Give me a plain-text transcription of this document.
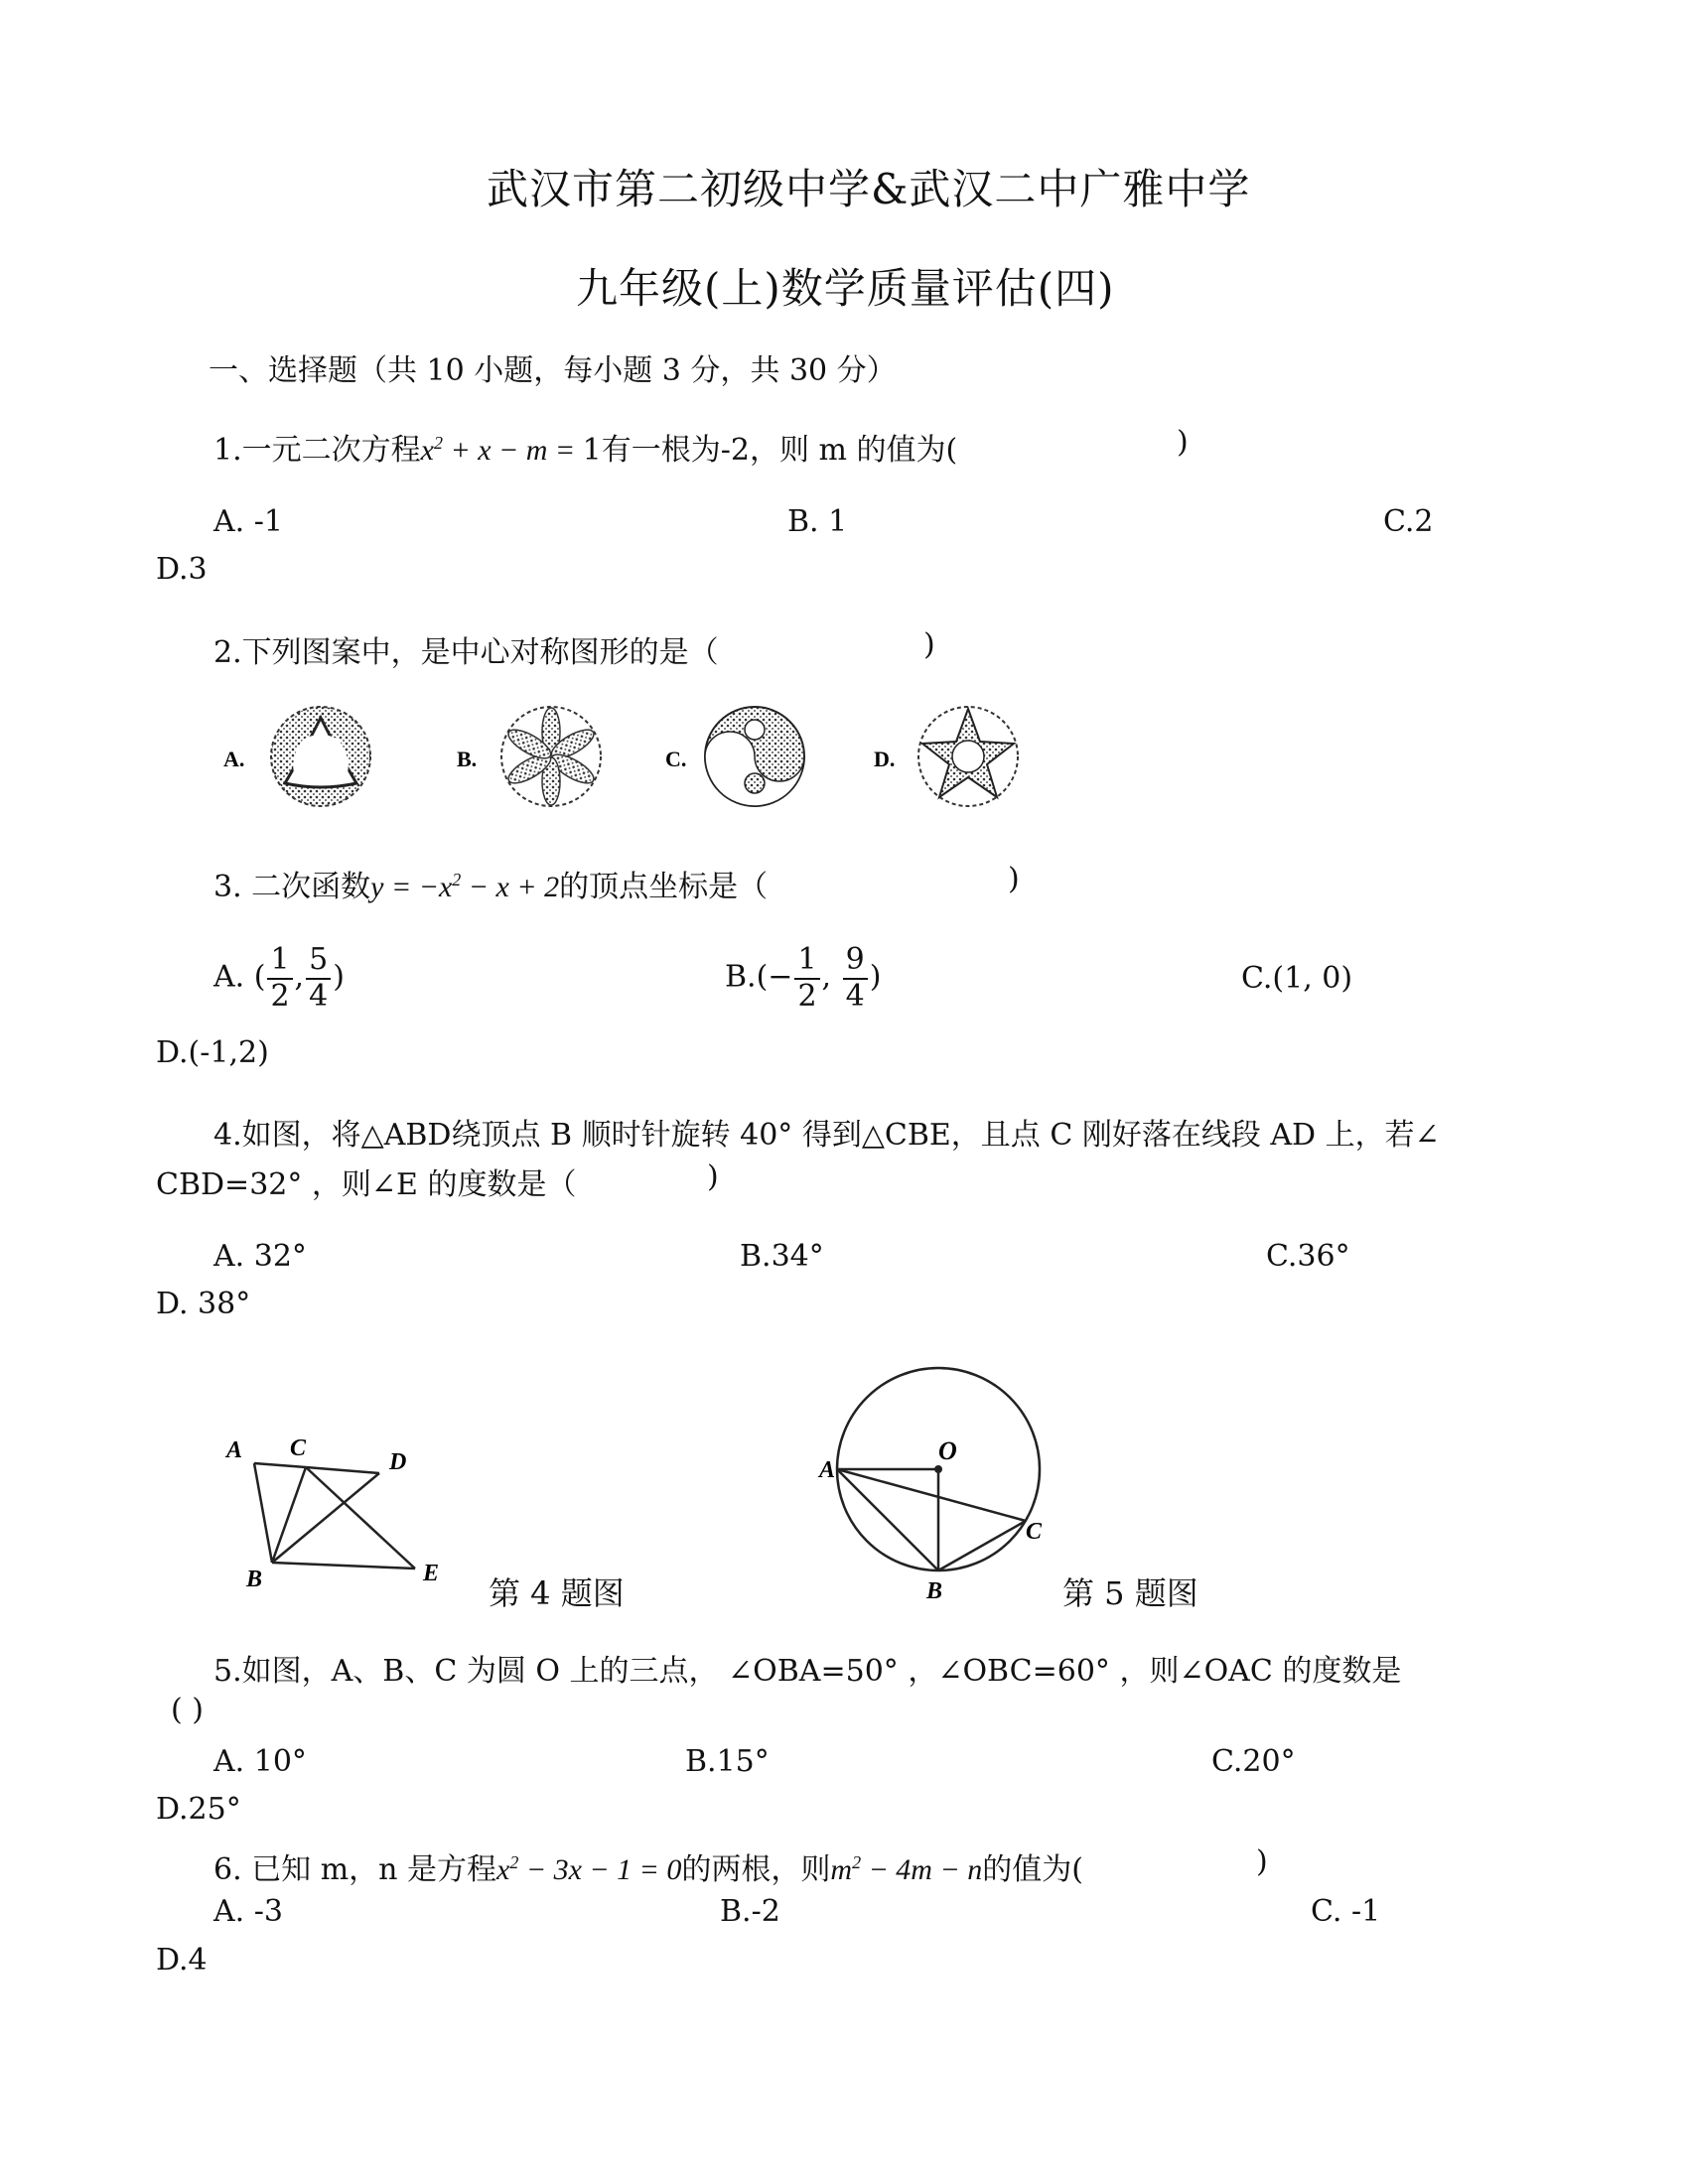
武汉市第二初级中学&武汉二中广雅中学
九年级(上)数学质量评估(四)
一、选择题（共 10 小题，每小题 3 分，共 30 分）
1.一元二次方程$x^2 + x - m = 1$有一根为-2，则 m 的值为(	)
A. -1	B. 1	C.2
D.3
2.下列图案中，是中心对称图形的是（	)
A.	B.	C.	D.
3. 二次函数$y = -x^2 - x + 2$的顶点坐标是（	)
A. ( $\frac{1}{2}$ , $\frac{5}{4}$ )	$B.(- \frac{1}{2}$ , $\frac{9}{4}$ )	C.(1, 0)
D.(-1,2)
4.如图，将△ABD绕顶点 B 顺时针旋转 40° 得到△CBE，且点 C 刚好落在线段 AD 上，若∠
CBD=32° ，则∠E 的度数是（	)
A. 32°	B.34°	C.36°
D. 38°
A C
D
B	E
第 4 题图
A
O
C
B	第 5 题图
5.如图，A、B、C 为圆 O 上的三点， ∠OBA=50° ，∠OBC=60° ，则∠OAC 的度数是
( )
A. 10°	B.15°	C.20°
D.25°
6. 已知 m，n 是方程$x^2 - 3x - 1 = 0$的两根，则$m^2 - 4m - n$的值为(	)
A. -3	B.-2	C. -1
D.4
